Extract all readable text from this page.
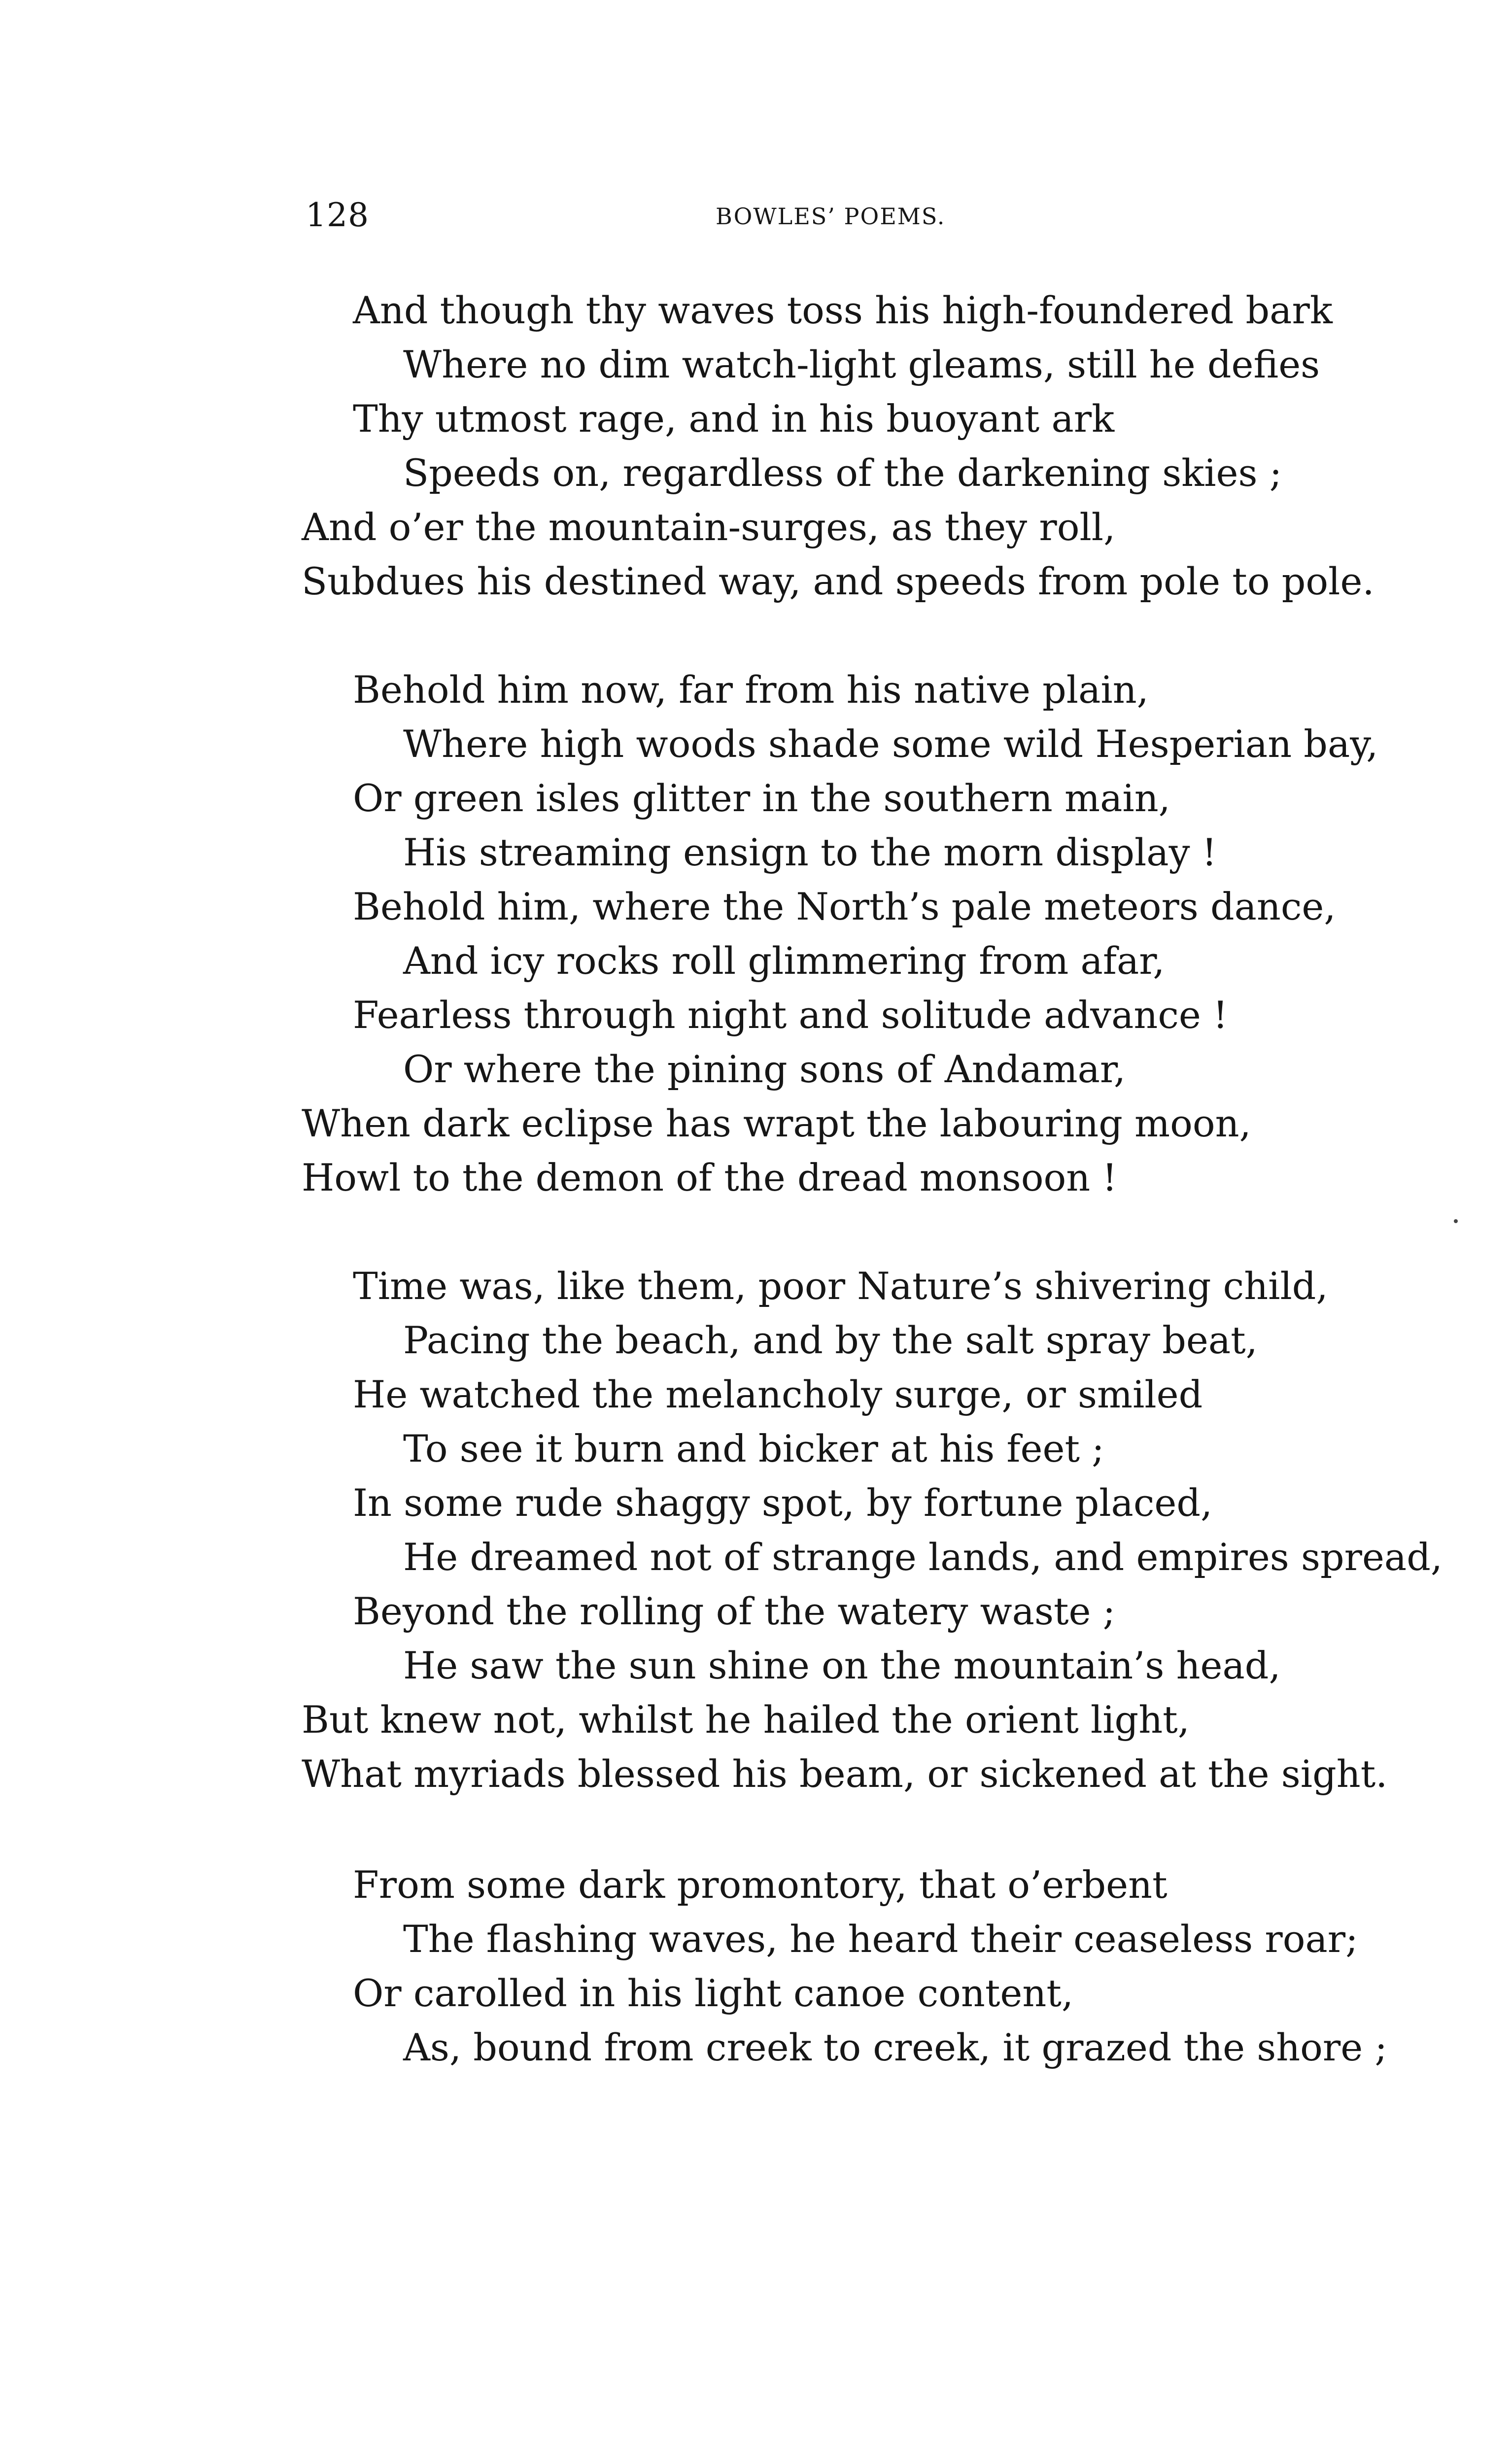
128	BOWLES’ POEMS.
And though thy waves toss his high-foundered bark
Where no dim watch-light gleams, still he defies
Thy utmost rage, and in his buoyant ark
Speeds on, regardless of the darkening skies ;
And o’er the mountain-surges, as they roll,
Subdues his destined way, and speeds from pole to pole.
Behold him now, far from his native plain,
Where high woods shade some wild Hesperian bay,
Or green isles glitter in the southern main,
His streaming ensign to the morn display !
Behold him, where the North’s pale meteors dance,
And icy rocks roll glimmering from afar,
Fearless through night and solitude advance !
Or where the pining sons of Andamar,
When dark eclipse has wrapt the labouring moon,
Howl to the demon of the dread monsoon !
Time was, like them, poor Nature’s shivering child,
Pacing the beach, and by the salt spray beat,
He watched the melancholy surge, or smiled
To see it burn and bicker at his feet ;
In some rude shaggy spot, by fortune placed,
He dreamed not of strange lands, and empires spread,
Beyond the rolling of the watery waste ;
He saw the sun shine on the mountain’s head,
But knew not, whilst he hailed the orient light,
What myriads blessed his beam, or sickened at the sight.
From some dark promontory, that o’erbent
The flashing waves, he heard their ceaseless roar;
Or carolled in his light canoe content,
As, bound from creek to creek, it grazed the shore ;
